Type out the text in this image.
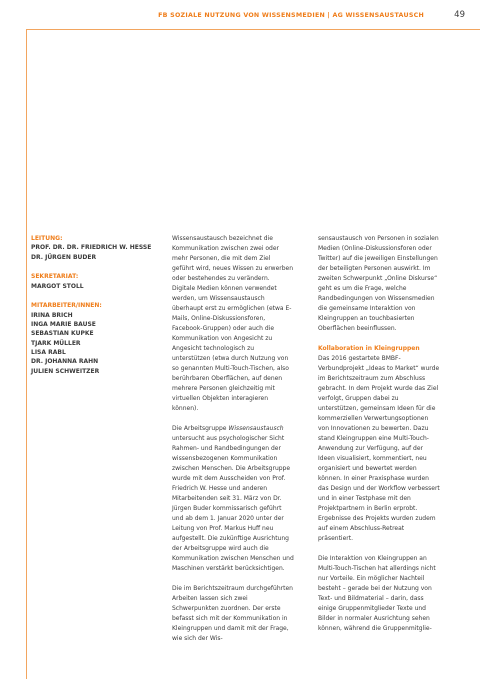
FB SOZIALE NUTZUNG VON WISSENSMEDIEN | AG WISSENSAUSTAUSCH	49
LEITUNG:
PROF. DR. DR. FRIEDRICH W. HESSE
DR. JÜRGEN BUDER
SEKRETARIAT:
MARGOT STOLL
MITARBEITER/INNEN:
IRINA BRICH
INGA MARIE BAUSE
SEBASTIAN KUPKE
TJARK MÜLLER
LISA RABL
DR. JOHANNA RAHN
JULIEN SCHWEITZER

Wissensaustausch bezeichnet die Kommunikation zwischen zwei oder mehr Personen, die mit dem Ziel geführt wird, neues Wissen zu erwerben oder bestehendes zu verändern. Digitale Medien können verwendet werden, um Wissensaustausch überhaupt erst zu ermöglichen (etwa E-Mails, Online-Diskussionsforen, Facebook-Gruppen) oder auch die Kommunikation von Angesicht zu Angesicht technologisch zu unterstützen (etwa durch Nutzung von so genannten Multi-Touch-Tischen, also berührbaren Oberflächen, auf denen mehrere Personen gleichzeitig mit virtuellen Objekten interagieren können).

Die Arbeitsgruppe Wissensaustausch untersucht aus psychologischer Sicht Rahmen- und Randbedingungen der wissensbezogenen Kommunikation zwischen Menschen. Die Arbeitsgruppe wurde mit dem Ausscheiden von Prof. Friedrich W. Hesse und anderen Mitarbeitenden seit 31. März von Dr. Jürgen Buder kommissarisch geführt und ab dem 1. Januar 2020 unter der Leitung von Prof. Markus Huff neu aufgestellt. Die zukünftige Ausrichtung der Arbeitsgruppe wird auch die Kommunikation zwischen Menschen und Maschinen verstärkt berücksichtigen.

Die im Berichtszeitraum durchgeführten Arbeiten lassen sich zwei Schwerpunkten zuordnen. Der erste befasst sich mit der Kommunikation in Kleingruppen und damit mit der Frage, wie sich der Wis-

sensaustausch von Personen in sozialen Medien (Online-Diskussionsforen oder Twitter) auf die jeweiligen Einstellungen der beteiligten Personen auswirkt. Im zweiten Schwerpunkt „Online Diskurse“ geht es um die Frage, welche Randbedingungen von Wissensmedien die gemeinsame Interaktion von Kleingruppen an touchbasierten Oberflächen beeinflussen.

Kollaboration in Kleingruppen
Das 2016 gestartete BMBF-Verbundprojekt „Ideas to Market“ wurde im Berichtszeitraum zum Abschluss gebracht. In dem Projekt wurde das Ziel verfolgt, Gruppen dabei zu unterstützen, gemeinsam Ideen für die kommerziellen Verwertungsoptionen von Innovationen zu bewerten. Dazu stand Kleingruppen eine Multi-Touch-Anwendung zur Verfügung, auf der Ideen visualisiert, kommentiert, neu organisiert und bewertet werden können. In einer Praxisphase wurden das Design und der Workflow verbessert und in einer Testphase mit den Projektpartnern in Berlin erprobt. Ergebnisse des Projekts wurden zudem auf einem Abschluss-Retreat präsentiert.

Die Interaktion von Kleingruppen an Multi-Touch-Tischen hat allerdings nicht nur Vorteile. Ein möglicher Nachteil besteht – gerade bei der Nutzung von Text- und Bildmaterial – darin, dass einige Gruppenmitglieder Texte und Bilder in normaler Ausrichtung sehen können, während die Gruppenmitglie-
